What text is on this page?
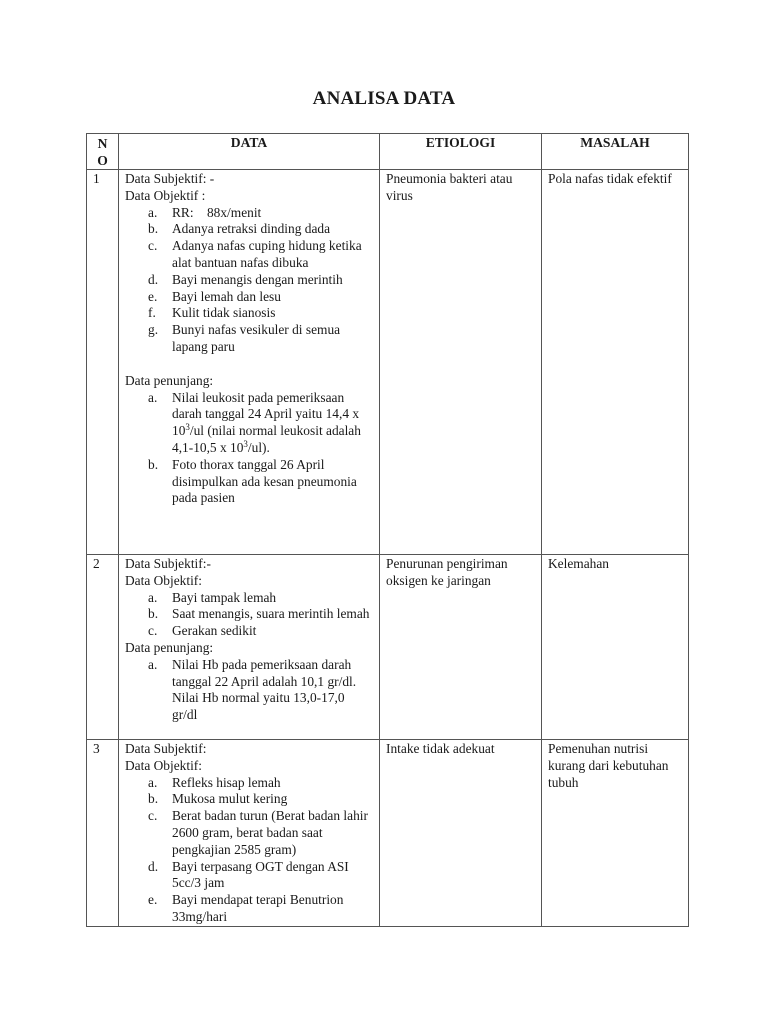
ANALISA DATA
N
O	DATA	ETIOLOGI	MASALAH
1	Data Subjektif: -
Data Objektif :
a. RR:    88x/menit
b. Adanya retraksi dinding dada
c. Adanya nafas cuping hidung ketika alat bantuan nafas dibuka
d. Bayi menangis dengan merintih
e. Bayi lemah dan lesu
f. Kulit tidak sianosis
g. Bunyi nafas vesikuler di semua lapang paru
Data penunjang:
a. Nilai leukosit pada pemeriksaan darah tanggal 24 April yaitu 14,4 x $10^3/ul$ (nilai normal leukosit adalah 4,1-10,5 x $10^3/ul$).
b. Foto thorax tanggal 26 April disimpulkan ada kesan pneumonia pada pasien
	Pneumonia bakteri atau virus	Pola nafas tidak efektif
2	Data Subjektif:-
Data Objektif:
a. Bayi tampak lemah
b. Saat menangis, suara merintih lemah
c. Gerakan sedikit
Data penunjang:
a. Nilai Hb pada pemeriksaan darah tanggal 22 April adalah 10,1 gr/dl. Nilai Hb normal yaitu 13,0-17,0 gr/dl
	Penurunan pengiriman oksigen ke jaringan	Kelemahan
3	Data Subjektif:
Data Objektif:
a. Refleks hisap lemah
b. Mukosa mulut kering
c. Berat badan turun (Berat badan lahir 2600 gram, berat badan saat pengkajian 2585 gram)
d. Bayi terpasang OGT dengan ASI 5cc/3 jam
e. Bayi mendapat terapi Benutrion 33mg/hari
	Intake tidak adekuat	Pemenuhan nutrisi kurang dari kebutuhan tubuh
